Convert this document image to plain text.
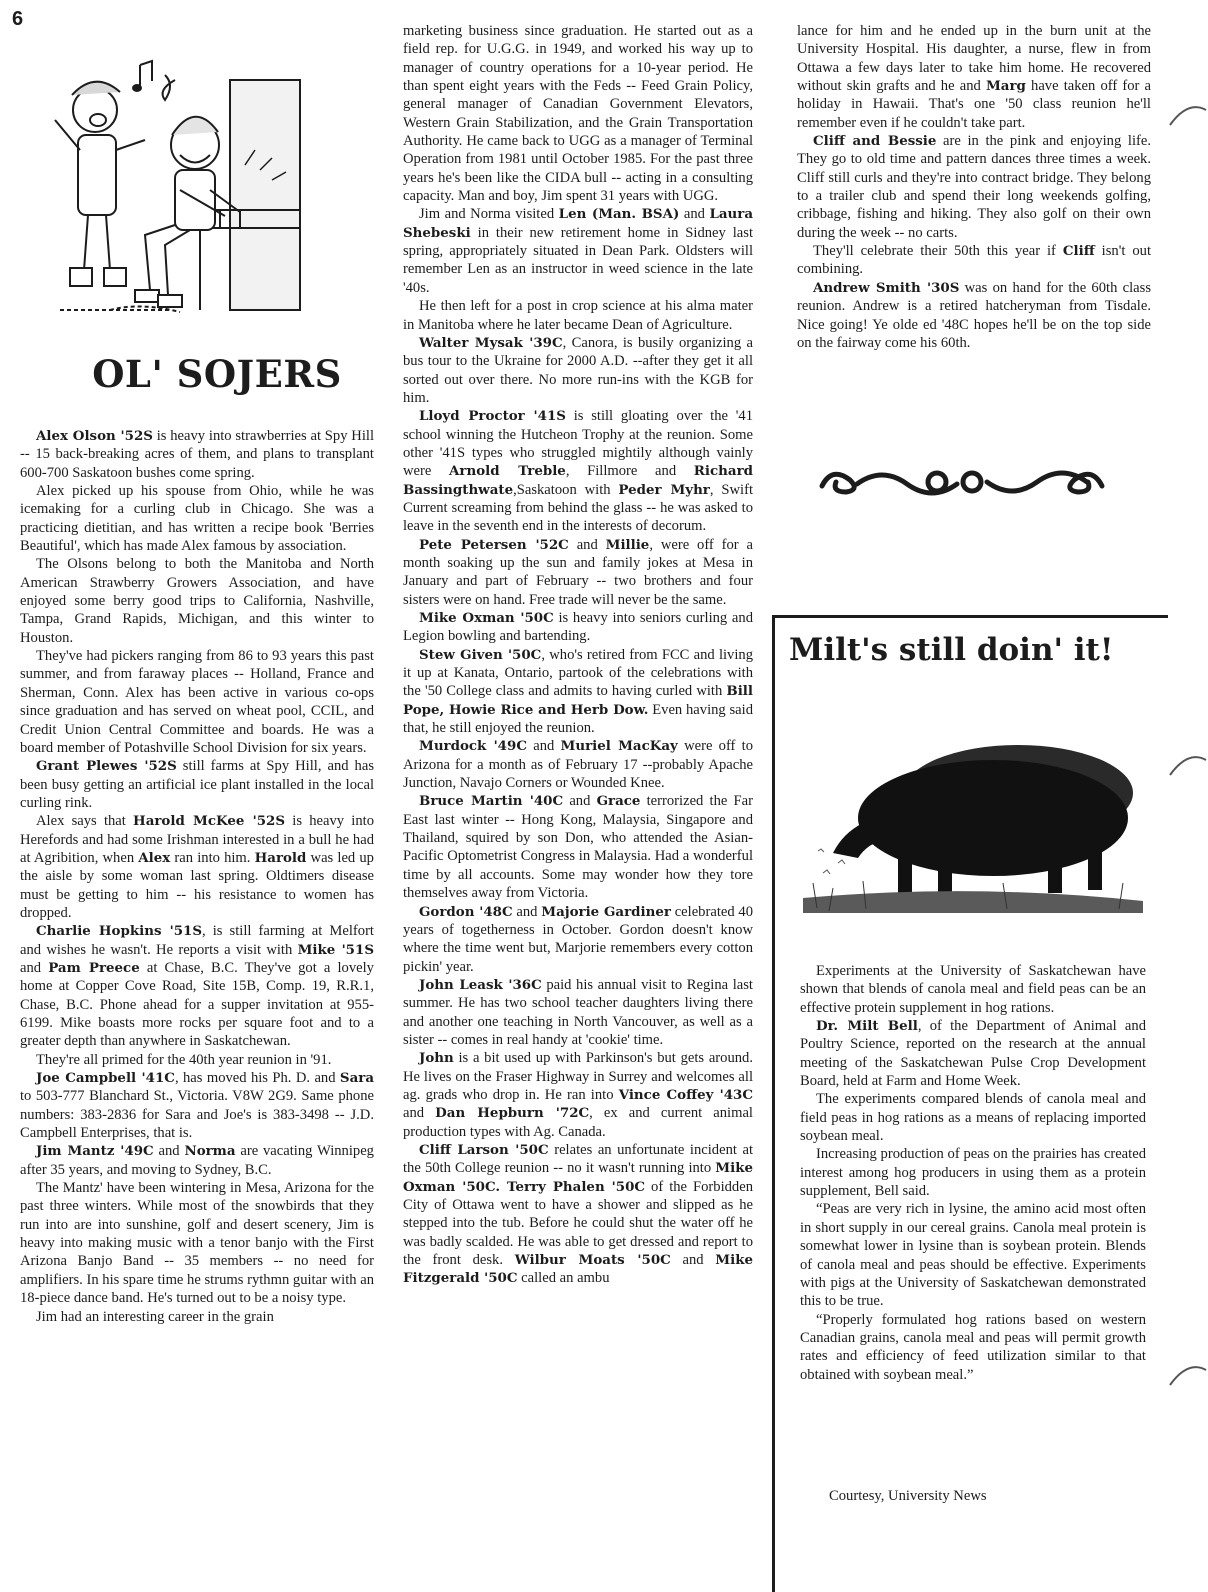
6
OL' SOJERS

Alex Olson '52S is heavy into strawberries at Spy Hill -- 15 back-breaking acres of them, and plans to transplant 600-700 Saskatoon bushes come spring.

Alex picked up his spouse from Ohio, while he was icemaking for a curling club in Chicago. She was a practicing dietitian, and has written a recipe book 'Berries Beautiful', which has made Alex famous by association.

The Olsons belong to both the Manitoba and North American Strawberry Growers Association, and have enjoyed some berry good trips to California, Nashville, Tampa, Grand Rapids, Michigan, and this winter to Houston.

They've had pickers ranging from 86 to 93 years this past summer, and from faraway places -- Holland, France and Sherman, Conn. Alex has been active in various co-ops since graduation and has served on wheat pool, CCIL, and Credit Union Central Committee and boards. He was a board member of Potashville School Division for six years.

Grant Plewes '52S still farms at Spy Hill, and has been busy getting an artificial ice plant installed in the local curling rink.

Alex says that Harold McKee '52S is heavy into Herefords and had some Irishman interested in a bull he had at Agribition, when Alex ran into him. Harold was led up the aisle by some woman last spring. Oldtimers disease must be getting to him -- his resistance to women has dropped.

Charlie Hopkins '51S, is still farming at Melfort and wishes he wasn't. He reports a visit with Mike '51S and Pam Preece at Chase, B.C. They've got a lovely home at Copper Cove Road, Site 15B, Comp. 19, R.R.1, Chase, B.C. Phone ahead for a supper invitation at 955-6199. Mike boasts more rocks per square foot and to a greater depth than anywhere in Saskatchewan.

They're all primed for the 40th year reunion in '91.

Joe Campbell '41C, has moved his Ph. D. and Sara to 503-777 Blanchard St., Victoria. V8W 2G9. Same phone numbers: 383-2836 for Sara and Joe's is 383-3498 -- J.D. Campbell Enterprises, that is.

Jim Mantz '49C and Norma are vacating Winnipeg after 35 years, and moving to Sydney, B.C.

The Mantz' have been wintering in Mesa, Arizona for the past three winters. While most of the snowbirds that they run into are into sunshine, golf and desert scenery, Jim is heavy into making music with a tenor banjo with the First Arizona Banjo Band -- 35 members -- no need for amplifiers. In his spare time he strums rythmn guitar with an 18-piece dance band. He's turned out to be a noisy type.

Jim had an interesting career in the grain

marketing business since graduation. He started out as a field rep. for U.G.G. in 1949, and worked his way up to manager of country operations for a 10-year period. He than spent eight years with the Feds -- Feed Grain Policy, general manager of Canadian Government Elevators, Western Grain Stabilization, and the Grain Transportation Authority. He came back to UGG as a manager of Terminal Operation from 1981 until October 1985. For the past three years he's been like the CIDA bull -- acting in a consulting capacity. Man and boy, Jim spent 31 years with UGG.

Jim and Norma visited Len (Man. BSA) and Laura Shebeski in their new retirement home in Sidney last spring, appropriately situated in Dean Park. Oldsters will remember Len as an instructor in weed science in the late '40s.

He then left for a post in crop science at his alma mater in Manitoba where he later became Dean of Agriculture.

Walter Mysak '39C, Canora, is busily organizing a bus tour to the Ukraine for 2000 A.D. --after they get it all sorted out over there. No more run-ins with the KGB for him.

Lloyd Proctor '41S is still gloating over the '41 school winning the Hutcheon Trophy at the reunion. Some other '41S types who struggled mightily although vainly were Arnold Treble, Fillmore and Richard Bassingthwate,Saskatoon with Peder Myhr, Swift Current screaming from behind the glass -- he was asked to leave in the seventh end in the interests of decorum.

Pete Petersen '52C and Millie, were off for a month soaking up the sun and family jokes at Mesa in January and part of February -- two brothers and four sisters were on hand. Free trade will never be the same.

Mike Oxman '50C is heavy into seniors curling and Legion bowling and bartending.

Stew Given '50C, who's retired from FCC and living it up at Kanata, Ontario, partook of the celebrations with the '50 College class and admits to having curled with Bill Pope, Howie Rice and Herb Dow. Even having said that, he still enjoyed the reunion.

Murdock '49C and Muriel MacKay were off to Arizona for a month as of February 17 --probably Apache Junction, Navajo Corners or Wounded Knee.

Bruce Martin '40C and Grace terrorized the Far East last winter -- Hong Kong, Malaysia, Singapore and Thailand, squired by son Don, who attended the Asian-Pacific Optometrist Congress in Malaysia. Had a wonderful time by all accounts. Some may wonder how they tore themselves away from Victoria.

Gordon '48C and Majorie Gardiner celebrated 40 years of togetherness in October. Gordon doesn't know where the time went but, Marjorie remembers every cotton pickin' year.

John Leask '36C paid his annual visit to Regina last summer. He has two school teacher daughters living there and another one teaching in North Vancouver, as well as a sister -- comes in real handy at 'cookie' time.

John is a bit used up with Parkinson's but gets around. He lives on the Fraser Highway in Surrey and welcomes all ag. grads who drop in. He ran into Vince Coffey '43C and Dan Hepburn '72C, ex and current animal production types with Ag. Canada.

Cliff Larson '50C relates an unfortunate incident at the 50th College reunion -- no it wasn't running into Mike Oxman '50C. Terry Phalen '50C of the Forbidden City of Ottawa went to have a shower and slipped as he stepped into the tub. Before he could shut the water off he was badly scalded. He was able to get dressed and report to the front desk. Wilbur Moats '50C and Mike Fitzgerald '50C called an ambu

lance for him and he ended up in the burn unit at the University Hospital. His daughter, a nurse, flew in from Ottawa a few days later to take him home. He recovered without skin grafts and he and Marg have taken off for a holiday in Hawaii. That's one '50 class reunion he'll remember even if he couldn't take part.

Cliff and Bessie are in the pink and enjoying life. They go to old time and pattern dances three times a week. Cliff still curls and they're into contract bridge. They belong to a trailer club and spend their long weekends golfing, cribbage, fishing and hiking. They also golf on their own during the week -- no carts.

They'll celebrate their 50th this year if Cliff isn't out combining.

Andrew Smith '30S was on hand for the 60th class reunion. Andrew is a retired hatcheryman from Tisdale. Nice going! Ye olde ed '48C hopes he'll be on the top side on the fairway come his 60th.

Milt's still doin' it!

Experiments at the University of Saskatchewan have shown that blends of canola meal and field peas can be an effective protein supplement in hog rations.

Dr. Milt Bell, of the Department of Animal and Poultry Science, reported on the research at the annual meeting of the Saskatchewan Pulse Crop Development Board, held at Farm and Home Week.

The experiments compared blends of canola meal and field peas in hog rations as a means of replacing imported soybean meal.

Increasing production of peas on the prairies has created interest among hog producers in using them as a protein supplement, Bell said.

“Peas are very rich in lysine, the amino acid most often in short supply in our cereal grains. Canola meal protein is somewhat lower in lysine than is soybean protein. Blends of canola meal and peas should be effective. Experiments with pigs at the University of Saskatchewan demonstrated this to be true.

“Properly formulated hog rations based on western Canadian grains, canola meal and peas will permit growth rates and efficiency of feed utilization similar to that obtained with soybean meal.”

Courtesy, University News
